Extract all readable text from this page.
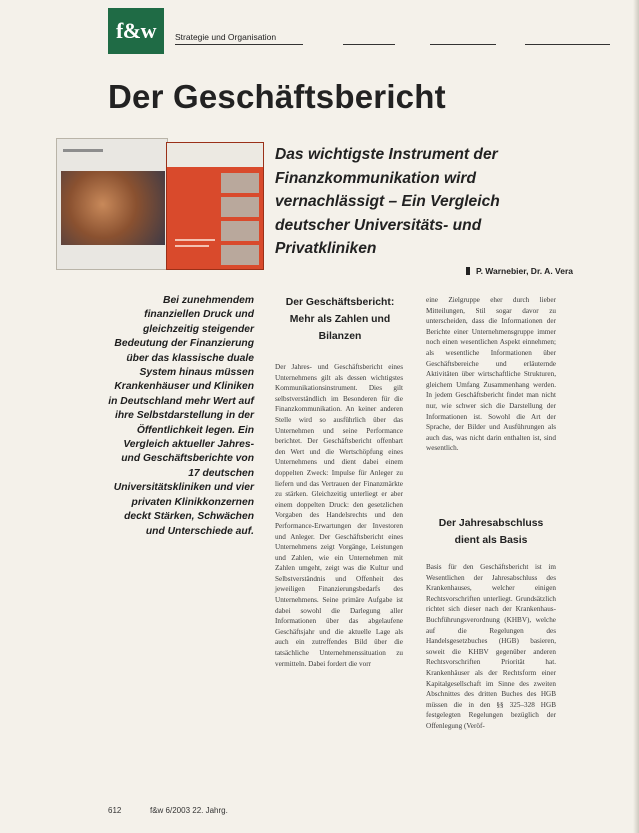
f&w	Strategie und Organisation
Der Geschäftsbericht
Das wichtigste Instrument der Finanzkommunikation wird vernachlässigt – Ein Vergleich deutscher Universitäts- und Privatkliniken
P. Warnebier, Dr. A. Vera

Bei zunehmendem finanziellen Druck und gleichzeitig steigender Bedeutung der Finanzierung über das klassische duale System hinaus müssen Krankenhäuser und Kliniken in Deutschland mehr Wert auf ihre Selbstdarstellung in der Öffentlichkeit legen. Ein Vergleich aktueller Jahres- und Geschäftsberichte von 17 deutschen Universitätskliniken und vier privaten Klinikkonzernen deckt Stärken, Schwächen und Unterschiede auf.

Der Geschäftsbericht: Mehr als Zahlen und Bilanzen

Der Jahres- und Geschäftsbericht eines Unternehmens gilt als dessen wichtigstes Kommunikationsinstrument. Dies gilt selbstverständlich im Besonderen für die Finanzkommunikation. An keiner anderen Stelle wird so ausführlich über das Unternehmen und seine Performance berichtet. Der Geschäftsbericht offenbart den Wert und die Wertschöpfung eines Unternehmens und dient dabei einem doppelten Zweck: Impulse für Anleger zu liefern und das Vertrauen der Finanzmärkte zu stärken. Gleichzeitig unterliegt er aber einem doppelten Druck: den gesetzlichen Vorgaben des Handelsrechts und den Performance-Erwartungen der Investoren und Anleger. Der Geschäftsbericht eines Unternehmens zeigt Vorgänge, Leistungen und Zahlen, wie ein Unternehmen mit Zahlen umgeht, zeigt was die Kultur und Selbstverständnis und Offenheit des jeweiligen Finanzierungsbedarfs des Unternehmens. Seine primäre Aufgabe ist dabei sowohl die Darlegung aller Informationen über das abgelaufene Geschäftsjahr und die aktuelle Lage als auch ein zutreffendes Bild über die tatsächliche Unternehmenssituation zu vermitteln. Dabei fordert die vorr

eine Zielgruppe eher durch lieber Mitteilungen, Stil sogar davor zu unterscheiden, dass die Informationen der Berichte einer Unternehmensgruppe immer noch einen wesentlichen Aspekt einnehmen; als wesentliche Informationen über Geschäftsbereiche und erläuternde Aktivitäten über wirtschaftliche Strukturen, gleichem Umfang Zusammenhang werden. In jedem Geschäftsbericht findet man nicht nur, wie schwer sich die Darstellung der Informationen ist. Sowohl die Art der Sprache, der Bilder und Ausführungen als auch das, was nicht darin enthalten ist, sind wesentlich.

Der Jahresabschluss dient als Basis

Basis für den Geschäftsbericht ist im Wesentlichen der Jahresabschluss des Krankenhauses, welcher einigen Rechtsvorschriften unterliegt. Grundsätzlich richtet sich dieser nach der Krankenhaus-Buchführungsverordnung (KHBV), welche auf die Regelungen des Handelsgesetzbuches (HGB) basieren, soweit die KHBV gegenüber anderen Rechtsvorschriften Priorität hat. Krankenhäuser als der Rechtsform einer Kapitalgesellschaft im Sinne des zweiten Abschnittes des dritten Buches des HGB müssen die in den §§ 325–328 HGB festgelegten Regelungen bezüglich der Offenlegung (Veröf-

612	f&w 6/2003 22. Jahrg.
